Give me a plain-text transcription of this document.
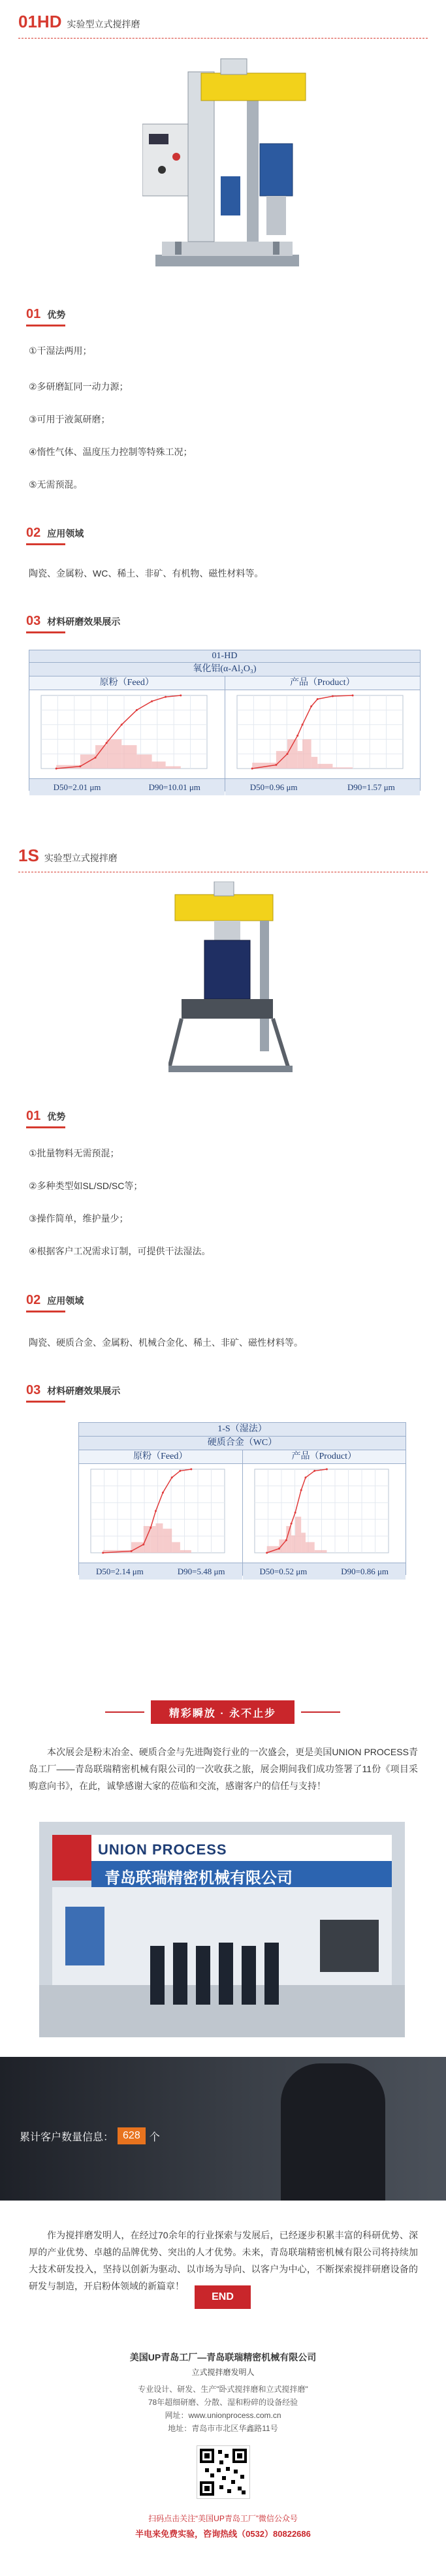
01HD 实验型立式搅拌磨
01 优势
①干湿法两用；
②多研磨缸同一动力源；
③可用于液氮研磨；
④惰性气体、温度压力控制等特殊工况；
⑤无需预混。
02 应用领域
陶瓷、金属粉、WC、稀土、非矿、有机物、磁性材料等。
03 材料研磨效果展示
01-HD
氧化铝(α-Al₂O₃)
原粉（Feed）
D50=2.01 μm	D90=10.01 μm
产品（Product）
D50=0.96 μm	D90=1.57 μm
1S 实验型立式搅拌磨
01 优势
①批量物料无需预混；
②多种类型如SL/SD/SC等；
③操作简单，维护量少；
④根据客户工况需求订制，可提供干法湿法。
02 应用领域
陶瓷、硬质合金、金属粉、机械合金化、稀土、非矿、磁性材料等。
03 材料研磨效果展示
1-S（湿法）
硬质合金（WC）
原粉（Feed）
D50=2.14 μm	D90=5.48 μm
产品（Product）
D50=0.52 μm	D90=0.86 μm
精彩瞬放 · 永不止步
本次展会是粉末冶金、硬质合金与先进陶瓷行业的一次盛会，更是美国UNION PROCESS青岛工厂——青岛联瑞精密机械有限公司的一次收获之旅，展会期间我们成功签署了11份《项目采购意向书》，在此，诚挚感谢大家的莅临和交流，感谢客户的信任与支持！
UNION PROCESS
青岛联瑞精密机械有限公司
累计客户数量信息： 628 个
作为搅拌磨发明人，在经过70余年的行业探索与发展后，已经逐步积累丰富的科研优势、深厚的产业优势、卓越的品牌优势、突出的人才优势。未来，青岛联瑞精密机械有限公司将持续加大技术研发投入，坚持以创新为驱动、以市场为导向、以客户为中心，不断探索搅拌研磨设备的研发与制造，开启粉体领域的新篇章！
END
美国UP青岛工厂—青岛联瑞精密机械有限公司
立式搅拌磨发明人
专业设计、研发、生产"卧式搅拌磨和立式搅拌磨"
78年超细研磨、分散、湿和粉碎的设备经验
网址：www.unionprocess.com.cn
地址：青岛市市北区华鑫路11号
扫码点击关注“美国UP青岛工厂”微信公众号
半电来免费实验，咨询热线（0532）80822686
